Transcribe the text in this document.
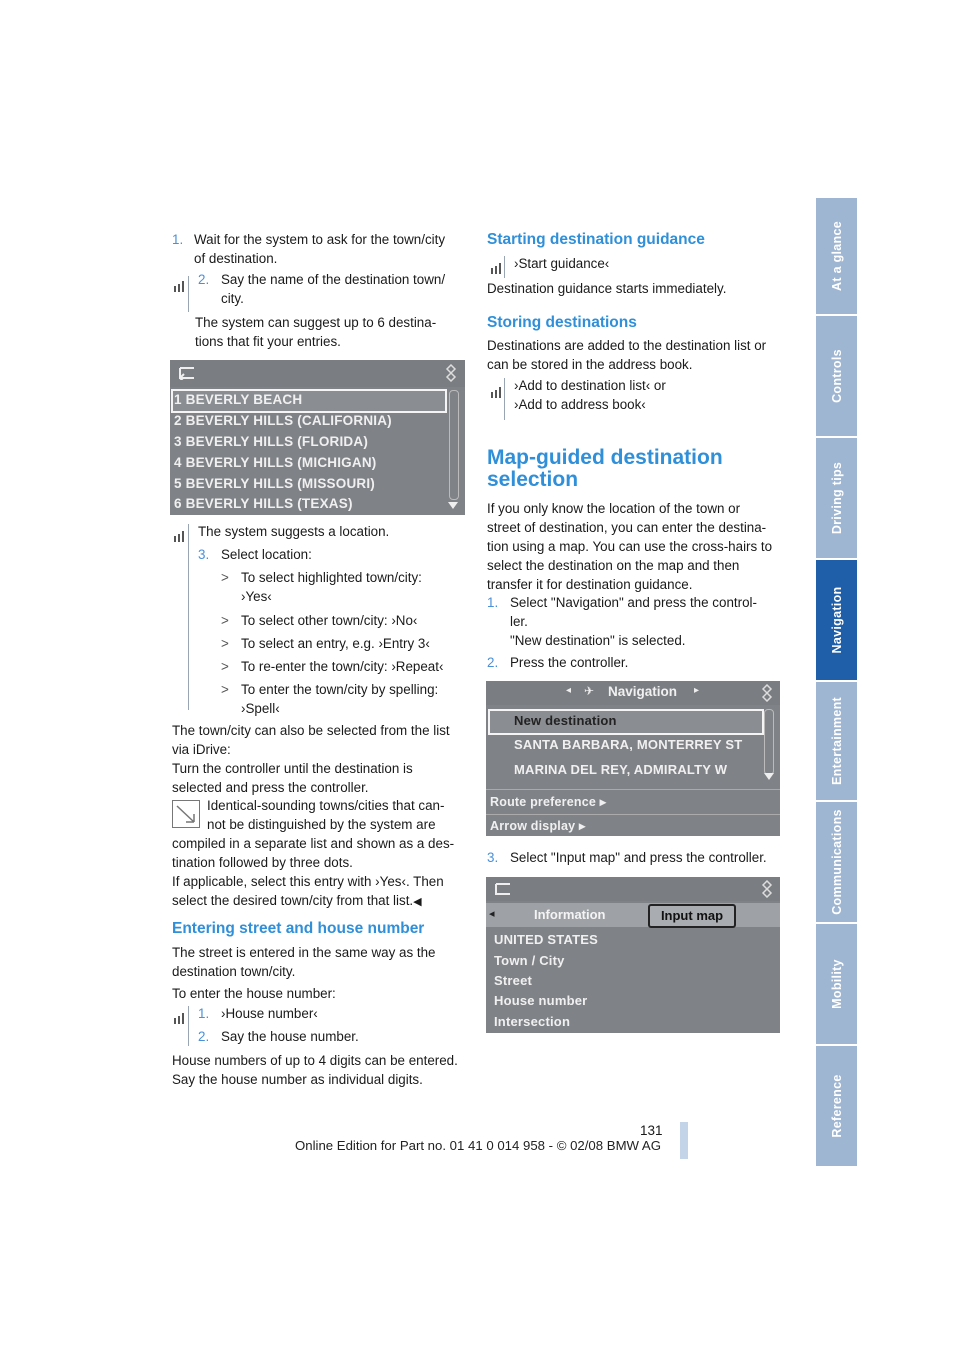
1. Wait for the system to ask for the town/city
of destination.
2. Say the name of the destination town/
city.
The system can suggest up to 6 destina-
tions that fit your entries.
1 BEVERLY BEACH
2 BEVERLY HILLS (CALIFORNIA)
3 BEVERLY HILLS (FLORIDA)
4 BEVERLY HILLS (MICHIGAN)
5 BEVERLY HILLS (MISSOURI)
6 BEVERLY HILLS (TEXAS)
The system suggests a location.
3. Select location:
> To select highlighted town/city:
›Yes‹
> To select other town/city: ›No‹
> To select an entry, e.g. ›Entry 3‹
> To re-enter the town/city: ›Repeat‹
> To enter the town/city by spelling:
›Spell‹
The town/city can also be selected from the list
via iDrive:
Turn the controller until the destination is
selected and press the controller.
Identical-sounding towns/cities that can-
not be distinguished by the system are
compiled in a separate list and shown as a des-
tination followed by three dots.
If applicable, select this entry with ›Yes‹. Then
select the desired town/city from that list.◀
Entering street and house number
The street is entered in the same way as the
destination town/city.
To enter the house number:
1. ›House number‹
2. Say the house number.
House numbers of up to 4 digits can be entered.
Say the house number as individual digits.
Starting destination guidance
›Start guidance‹
Destination guidance starts immediately.
Storing destinations
Destinations are added to the destination list or
can be stored in the address book.
›Add to destination list‹ or
›Add to address book‹
Map-guided destination
selection
If you only know the location of the town or
street of destination, you can enter the destina-
tion using a map. You can use the cross-hairs to
select the destination on the map and then
transfer it for destination guidance.
1. Select "Navigation" and press the control-
ler.
"New destination" is selected.
2. Press the controller.
◂ ✈ Navigation ▸
New destination
SANTA BARBARA, MONTERREY ST
MARINA DEL REY, ADMIRALTY W
Route preference ▸
Arrow display ▸
3. Select "Input map" and press the controller.
◂	Information	Input map
UNITED STATES
Town / City
Street
House number
Intersection
At a glance
Controls
Driving tips
Navigation
Entertainment
Communications
Mobility
Reference
131
Online Edition for Part no. 01 41 0 014 958 - © 02/08 BMW AG
